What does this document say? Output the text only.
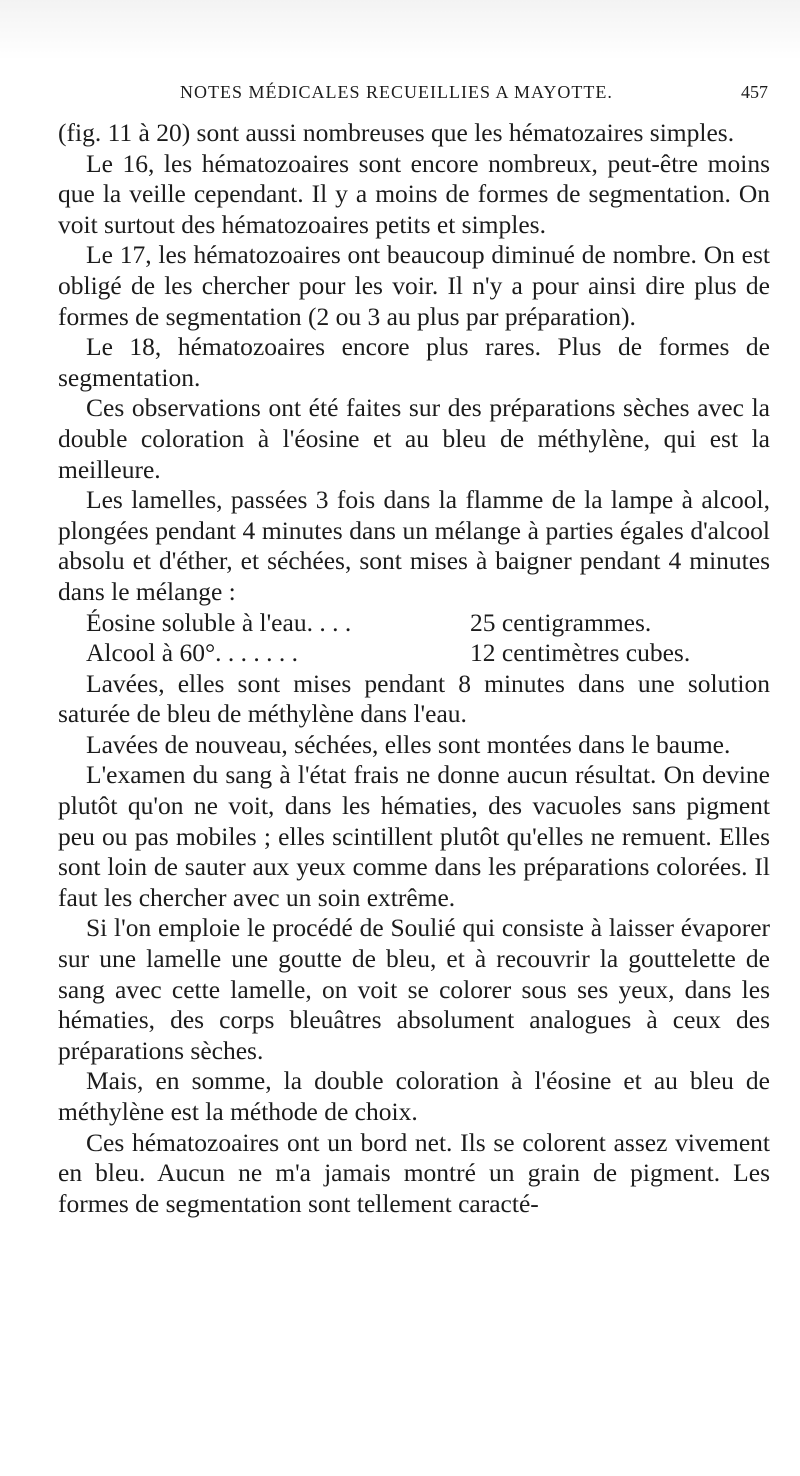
NOTES MÉDICALES RECUEILLIES A MAYOTTE.	457

(fig. 11 à 20) sont aussi nombreuses que les hématozaires simples.

Le 16, les hématozoaires sont encore nombreux, peut-être moins que la veille cependant. Il y a moins de formes de segmentation. On voit surtout des hématozoaires petits et simples.

Le 17, les hématozoaires ont beaucoup diminué de nombre. On est obligé de les chercher pour les voir. Il n'y a pour ainsi dire plus de formes de segmentation (2 ou 3 au plus par préparation).

Le 18, hématozoaires encore plus rares. Plus de formes de segmentation.

Ces observations ont été faites sur des préparations sèches avec la double coloration à l'éosine et au bleu de méthylène, qui est la meilleure.

Les lamelles, passées 3 fois dans la flamme de la lampe à alcool, plongées pendant 4 minutes dans un mélange à parties égales d'alcool absolu et d'éther, et séchées, sont mises à baigner pendant 4 minutes dans le mélange :

Éosine soluble à l'eau. . . .	25 centigrammes.
Alcool à 60°. . . . . . .	12 centimètres cubes.

Lavées, elles sont mises pendant 8 minutes dans une solution saturée de bleu de méthylène dans l'eau.

Lavées de nouveau, séchées, elles sont montées dans le baume.

L'examen du sang à l'état frais ne donne aucun résultat. On devine plutôt qu'on ne voit, dans les hématies, des vacuoles sans pigment peu ou pas mobiles ; elles scintillent plutôt qu'elles ne remuent. Elles sont loin de sauter aux yeux comme dans les préparations colorées. Il faut les chercher avec un soin extrême.

Si l'on emploie le procédé de Soulié qui consiste à laisser évaporer sur une lamelle une goutte de bleu, et à recouvrir la gouttelette de sang avec cette lamelle, on voit se colorer sous ses yeux, dans les hématies, des corps bleuâtres absolument analogues à ceux des préparations sèches.

Mais, en somme, la double coloration à l'éosine et au bleu de méthylène est la méthode de choix.

Ces hématozoaires ont un bord net. Ils se colorent assez vivement en bleu. Aucun ne m'a jamais montré un grain de pigment. Les formes de segmentation sont tellement caracté-
